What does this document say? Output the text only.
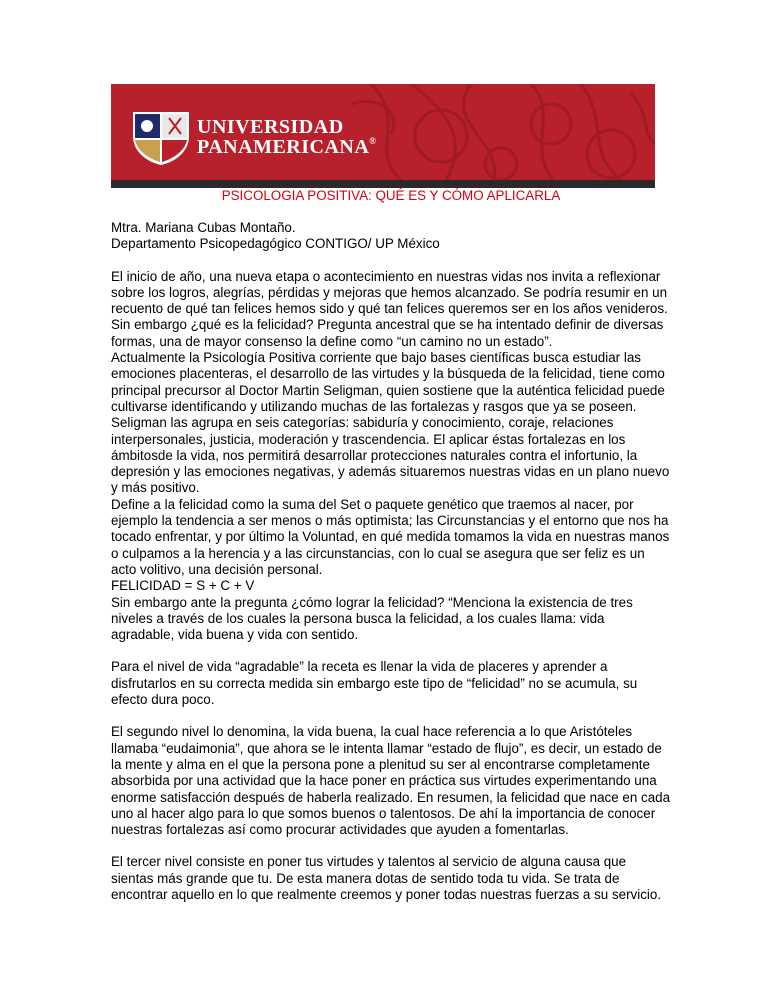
UNIVERSIDAD
PANAMERICANA®
PSICOLOGIA POSITIVA: QUÉ ES Y CÓMO APLICARLA

Mtra. Mariana Cubas Montaño.

Departamento Psicopedagógico CONTIGO/ UP México

El inicio de año, una nueva etapa o acontecimiento en nuestras vidas nos invita a reflexionar sobre los logros, alegrías, pérdidas y mejoras que hemos alcanzado. Se podría resumir en un recuento de qué tan felices hemos sido y qué tan felices queremos ser en los años venideros. Sin embargo ¿qué es la felicidad? Pregunta ancestral que se ha intentado definir de diversas formas, una de mayor consenso la define como “un camino no un estado”.

Actualmente la Psicología Positiva corriente que bajo bases científicas busca estudiar las emociones placenteras, el desarrollo de las virtudes y la búsqueda de la felicidad, tiene como principal precursor al Doctor Martin Seligman, quien sostiene que la auténtica felicidad puede cultivarse identificando y utilizando muchas de las fortalezas y rasgos que ya se poseen. Seligman las agrupa en seis categorías: sabiduría y conocimiento, coraje, relaciones interpersonales, justicia, moderación y trascendencia. El aplicar éstas fortalezas en los ámbitosde la vida, nos permitirá desarrollar protecciones naturales contra el infortunio, la depresión y las emociones negativas, y además situaremos nuestras vidas en un plano nuevo y más positivo.

Define a la felicidad como la suma del Set o paquete genético que traemos al nacer, por ejemplo la tendencia a ser menos o más optimista; las Circunstancias y el entorno que nos ha tocado enfrentar, y por último la Voluntad, en qué medida tomamos la vida en nuestras manos o culpamos a la herencia y a las circunstancias, con lo cual se asegura que ser feliz es un acto volitivo, una decisión personal.

FELICIDAD = S + C + V

Sin embargo ante la pregunta ¿cómo lograr la felicidad? “Menciona la existencia de tres niveles a través de los cuales la persona busca la felicidad, a los cuales llama: vida agradable, vida buena y vida con sentido.

Para el nivel de vida “agradable” la receta es llenar la vida de placeres y aprender a disfrutarlos en su correcta medida sin embargo este tipo de “felicidad” no se acumula, su efecto dura poco.

El segundo nivel lo denomina, la vida buena, la cual hace referencia a lo que Aristóteles llamaba “eudaimonia”, que ahora se le intenta llamar “estado de flujo”, es decir, un estado de la mente y alma en el que la persona pone a plenitud su ser al encontrarse completamente absorbida por una actividad que la hace poner en práctica sus virtudes experimentando una enorme satisfacción después de haberla realizado. En resumen, la felicidad que nace en cada uno al hacer algo para lo que somos buenos o talentosos. De ahí la importancia de conocer nuestras fortalezas así como procurar actividades que ayuden a fomentarlas.

El tercer nivel consiste en poner tus virtudes y talentos al servicio de alguna causa que sientas más grande que tu. De esta manera dotas de sentido toda tu vida. Se trata de encontrar aquello en lo que realmente creemos y poner todas nuestras fuerzas a su servicio.
